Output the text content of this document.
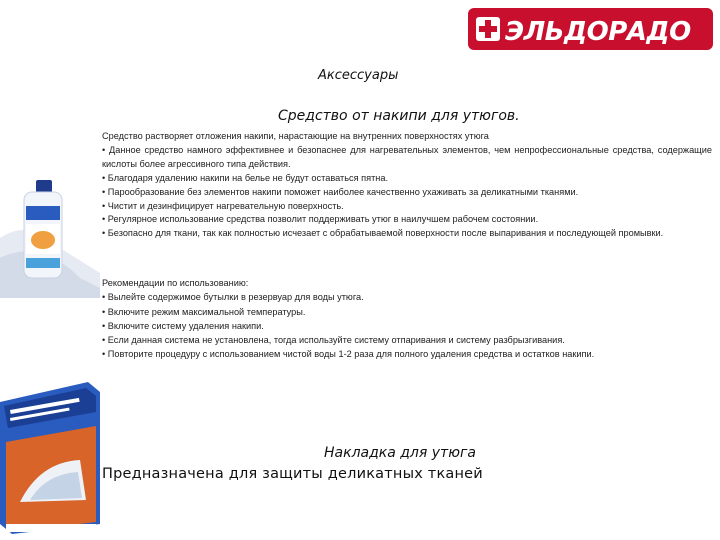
ЭЛЬДОРАДО
Аксессуары
Средство от накипи для утюгов.

Средство растворяет отложения накипи, нарастающие на внутренних поверхностях утюга

• Данное средство намного эффективнее и безопаснее для нагревательных элементов, чем непрофессиональные средства, содержащие кислоты более агрессивного типа действия.

• Благодаря удалению накипи на белье не будут оставаться пятна.

• Парообразование без элементов накипи поможет наиболее качественно ухаживать за деликатными тканями.

• Чистит и дезинфицирует нагревательную поверхность.

• Регулярное использование средства позволит поддерживать утюг в наилучшем рабочем состоянии.

• Безопасно для ткани, так как полностью исчезает с обрабатываемой поверхности после выпаривания и последующей промывки.

Рекомендации по использованию:

• Вылейте содержимое бутылки в резервуар для воды утюга.

• Включите режим максимальной температуры.

• Включите систему удаления накипи.

• Если данная система не установлена, тогда используйте систему отпаривания и систему разбрызгивания.

• Повторите процедуру с использованием чистой воды 1-2 раза для полного удаления средства и остатков накипи.

Накладка для утюга
Предназначена для защиты деликатных тканей
